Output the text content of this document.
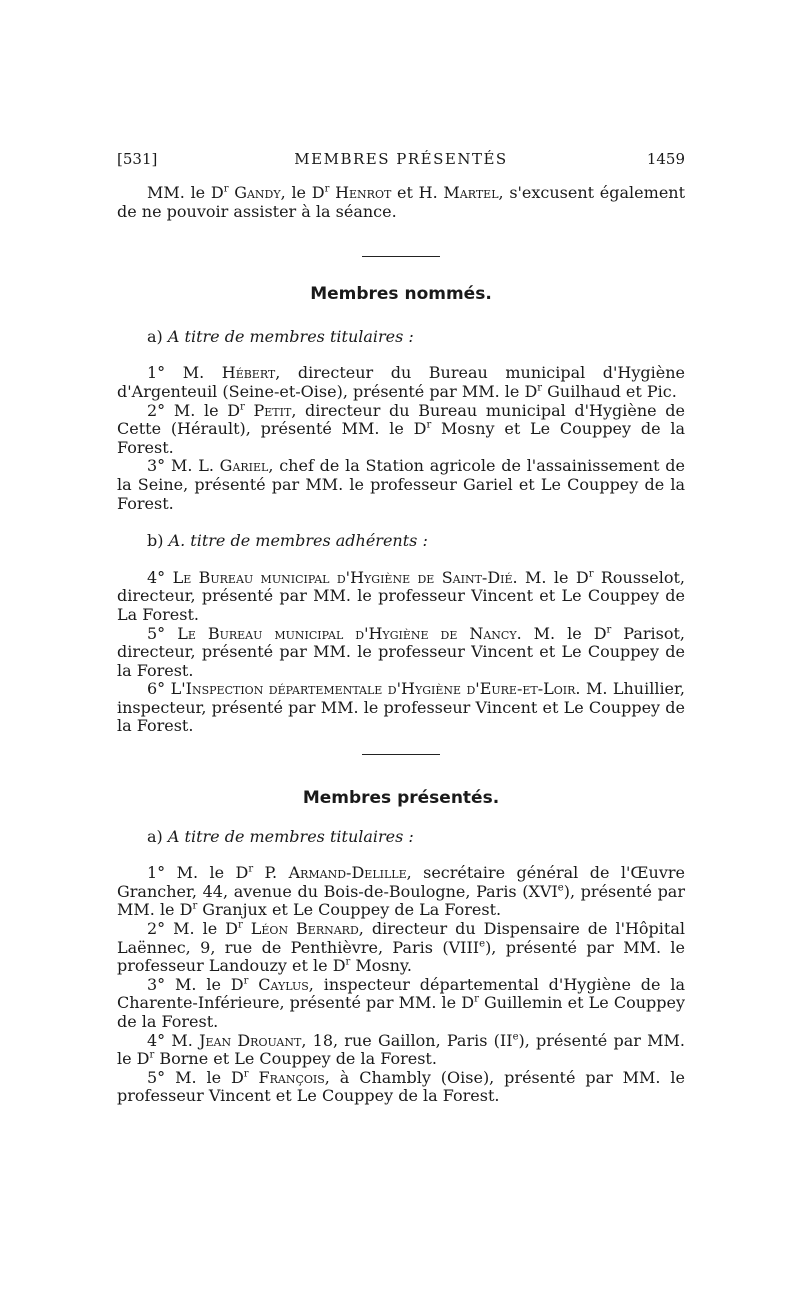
[531]	MEMBRES PRÉSENTÉS	1459

MM. le $D^r$ Gandy, le $D^r$ Henrot et H. Martel, s'excusent également de ne pouvoir assister à la séance.

Membres nommés.

a) A titre de membres titulaires :

1° M. Hébert, directeur du Bureau municipal d'Hygiène d'Argenteuil (Seine-et-Oise), présenté par MM. le $D^r$ Guilhaud et Pic.

2° M. le $D^r$ Petit, directeur du Bureau municipal d'Hygiène de Cette (Hérault), présenté MM. le $D^r$ Mosny et Le Couppey de la Forest.

3° M. L. Gariel, chef de la Station agricole de l'assainissement de la Seine, présenté par MM. le professeur Gariel et Le Couppey de la Forest.

b) A. titre de membres adhérents :

4° Le Bureau municipal d'Hygiène de Saint-Dié. M. le $D^r$ Rousselot, directeur, présenté par MM. le professeur Vincent et Le Couppey de La Forest.

5° Le Bureau municipal d'Hygiène de Nancy. M. le $D^r$ Parisot, directeur, présenté par MM. le professeur Vincent et Le Couppey de la Forest.

6° L'Inspection départementale d'Hygiène d'Eure-et-Loir. M. Lhuillier, inspecteur, présenté par MM. le professeur Vincent et Le Couppey de la Forest.

Membres présentés.

a) A titre de membres titulaires :

1° M. le $D^r$ P. Armand-Delille, secrétaire général de l'Œuvre Grancher, 44, avenue du Bois-de-Boulogne, Paris (XVIe), présenté par MM. le $D^r$ Granjux et Le Couppey de La Forest.

2° M. le $D^r$ Léon Bernard, directeur du Dispensaire de l'Hôpital Laënnec, 9, rue de Penthièvre, Paris (VIIIe), présenté par MM. le professeur Landouzy et le $D^r$ Mosny.

3° M. le $D^r$ Caylus, inspecteur départemental d'Hygiène de la Charente-Inférieure, présenté par MM. le $D^r$ Guillemin et Le Couppey de la Forest.

4° M. Jean Drouant, 18, rue Gaillon, Paris (IIe), présenté par MM. le $D^r$ Borne et Le Couppey de la Forest.

5° M. le $D^r$ François, à Chambly (Oise), présenté par MM. le professeur Vincent et Le Couppey de la Forest.
